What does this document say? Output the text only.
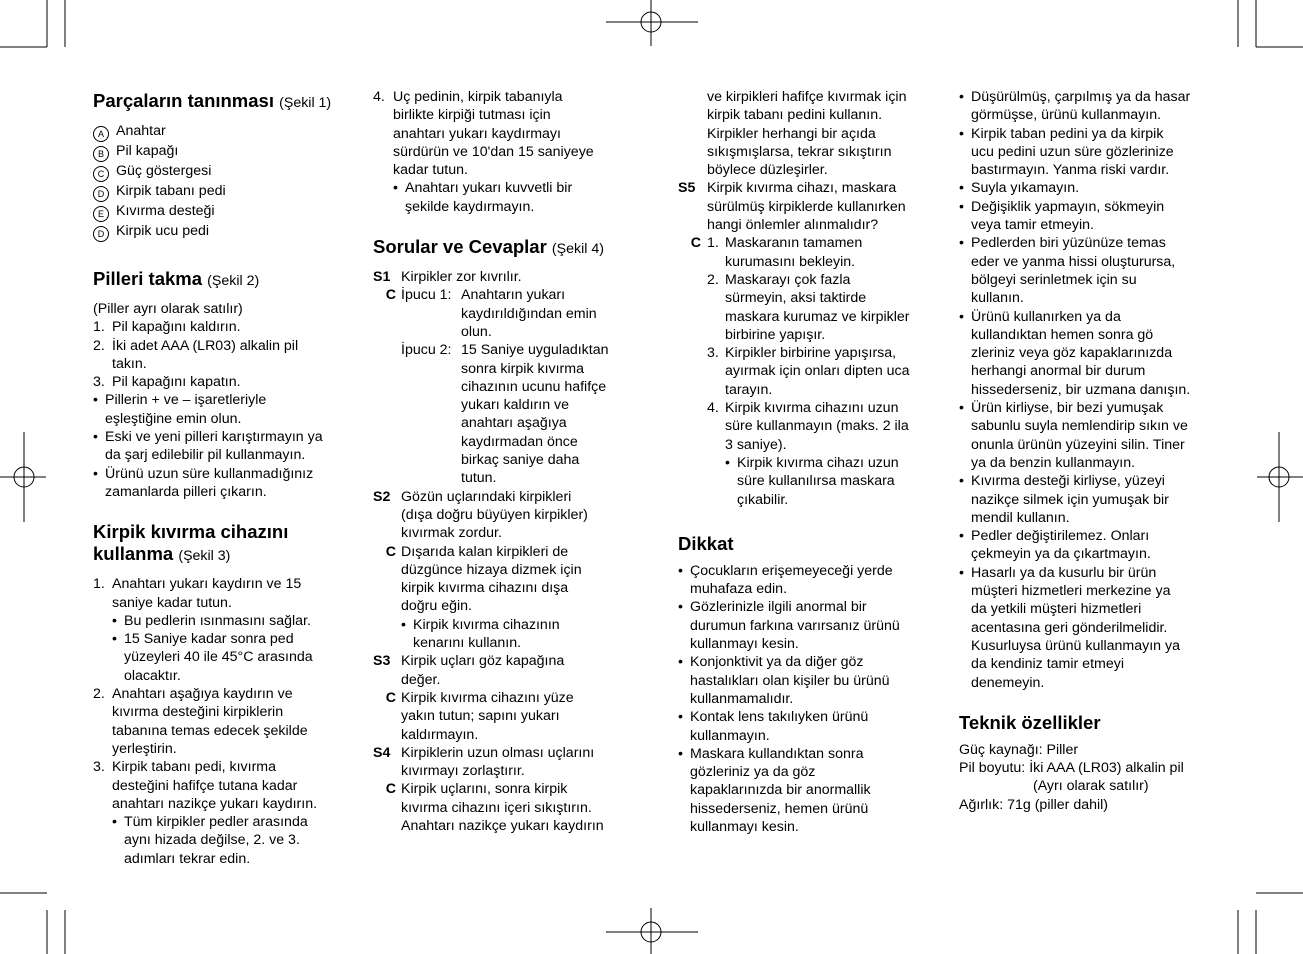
Parçaların tanınması (Şekil 1)
A Anahtar
B Pil kapağı
C Güç göstergesi
D Kirpik tabanı pedi
E Kıvırma desteği
D Kirpik ucu pedi
Pilleri takma (Şekil 2)
(Piller ayrı olarak satılır)
1. Pil kapağını kaldırın.
2. İki adet AAA (LR03) alkalin pil
takın.
3. Pil kapağını kapatın.
• Pillerin + ve – işaretleriyle
eşleştiğine emin olun.
• Eski ve yeni pilleri karıştırmayın ya
da şarj edilebilir pil kullanmayın.
• Ürünü uzun süre kullanmadığınız
zamanlarda pilleri çıkarın.
Kirpik kıvırma cihazını
kullanma (Şekil 3)
1. Anahtarı yukarı kaydırın ve 15
saniye kadar tutun.
• Bu pedlerin ısınmasını sağlar.
• 15 Saniye kadar sonra ped
yüzeyleri 40 ile 45°C arasında
olacaktır.
2. Anahtarı aşağıya kaydırın ve
kıvırma desteğini kirpiklerin
tabanına temas edecek şekilde
yerleştirin.
3. Kirpik tabanı pedi, kıvırma
desteğini hafifçe tutana kadar
anahtarı nazikçe yukarı kaydırın.
• Tüm kirpikler pedler arasında
aynı hizada değilse, 2. ve 3.
adımları tekrar edin.
4. Uç pedinin, kirpik tabanıyla
birlikte kirpiği tutması için
anahtarı yukarı kaydırmayı
sürdürün ve 10'dan 15 saniyeye
kadar tutun.
• Anahtarı yukarı kuvvetli bir
şekilde kaydırmayın.
Sorular ve Cevaplar (Şekil 4)
S1 Kirpikler zor kıvrılır.
C İpucu 1: Anahtarın yukarı
kaydırıldığından emin
olun.
İpucu 2: 15 Saniye uyguladıktan
sonra kirpik kıvırma
cihazının ucunu hafifçe
yukarı kaldırın ve
anahtarı aşağıya
kaydırmadan önce
birkaç saniye daha
tutun.
S2 Gözün uçlarındaki kirpikleri
(dışa doğru büyüyen kirpikler)
kıvırmak zordur.
C Dışarıda kalan kirpikleri de
düzgünce hizaya dizmek için
kirpik kıvırma cihazını dışa
doğru eğin.
• Kirpik kıvırma cihazının
kenarını kullanın.
S3 Kirpik uçları göz kapağına
değer.
C Kirpik kıvırma cihazını yüze
yakın tutun; sapını yukarı
kaldırmayın.
S4 Kirpiklerin uzun olması uçlarını
kıvırmayı zorlaştırır.
C Kirpik uçlarını, sonra kirpik
kıvırma cihazını içeri sıkıştırın.
Anahtarı nazikçe yukarı kaydırın
ve kirpikleri hafifçe kıvırmak için
kirpik tabanı pedini kullanın.
Kirpikler herhangi bir açıda
sıkışmışlarsa, tekrar sıkıştırın
böylece düzleşirler.
S5 Kirpik kıvırma cihazı, maskara
sürülmüş kirpiklerde kullanırken
hangi önlemler alınmalıdır?
C 1. Maskaranın tamamen
kurumasını bekleyin.
2. Maskarayı çok fazla
sürmeyin, aksi taktirde
maskara kurumaz ve kirpikler
birbirine yapışır.
3. Kirpikler birbirine yapışırsa,
ayırmak için onları dipten uca
tarayın.
4. Kirpik kıvırma cihazını uzun
süre kullanmayın (maks. 2 ila
3 saniye).
• Kirpik kıvırma cihazı uzun
süre kullanılırsa maskara
çıkabilir.
Dikkat
• Çocukların erişemeyeceği yerde
muhafaza edin.
• Gözlerinizle ilgili anormal bir
durumun farkına varırsanız ürünü
kullanmayı kesin.
• Konjonktivit ya da diğer göz
hastalıkları olan kişiler bu ürünü
kullanmamalıdır.
• Kontak lens takılıyken ürünü
kullanmayın.
• Maskara kullandıktan sonra
gözleriniz ya da göz
kapaklarınızda bir anormallik
hissederseniz, hemen ürünü
kullanmayı kesin.
• Düşürülmüş, çarpılmış ya da hasar
görmüşse, ürünü kullanmayın.
• Kirpik taban pedini ya da kirpik
ucu pedini uzun süre gözlerinize
bastırmayın. Yanma riski vardır.
• Suyla yıkamayın.
• Değişiklik yapmayın, sökmeyin
veya tamir etmeyin.
• Pedlerden biri yüzünüze temas
eder ve yanma hissi oluşturursa,
bölgeyi serinletmek için su
kullanın.
• Ürünü kullanırken ya da
kullandıktan hemen sonra gö
zleriniz veya göz kapaklarınızda
herhangi anormal bir durum
hissederseniz, bir uzmana danışın.
• Ürün kirliyse, bir bezi yumuşak
sabunlu suyla nemlendirip sıkın ve
onunla ürünün yüzeyini silin. Tiner
ya da benzin kullanmayın.
• Kıvırma desteği kirliyse, yüzeyi
nazikçe silmek için yumuşak bir
mendil kullanın.
• Pedler değiştirilemez. Onları
çekmeyin ya da çıkartmayın.
• Hasarlı ya da kusurlu bir ürün
müşteri hizmetleri merkezine ya
da yetkili müşteri hizmetleri
acentasına geri gönderilmelidir.
Kusurluysa ürünü kullanmayın ya
da kendiniz tamir etmeyi
denemeyin.
Teknik özellikler
Güç kaynağı: Piller
Pil boyutu: İki AAA (LR03) alkalin pil
(Ayrı olarak satılır)
Ağırlık: 71g (piller dahil)
